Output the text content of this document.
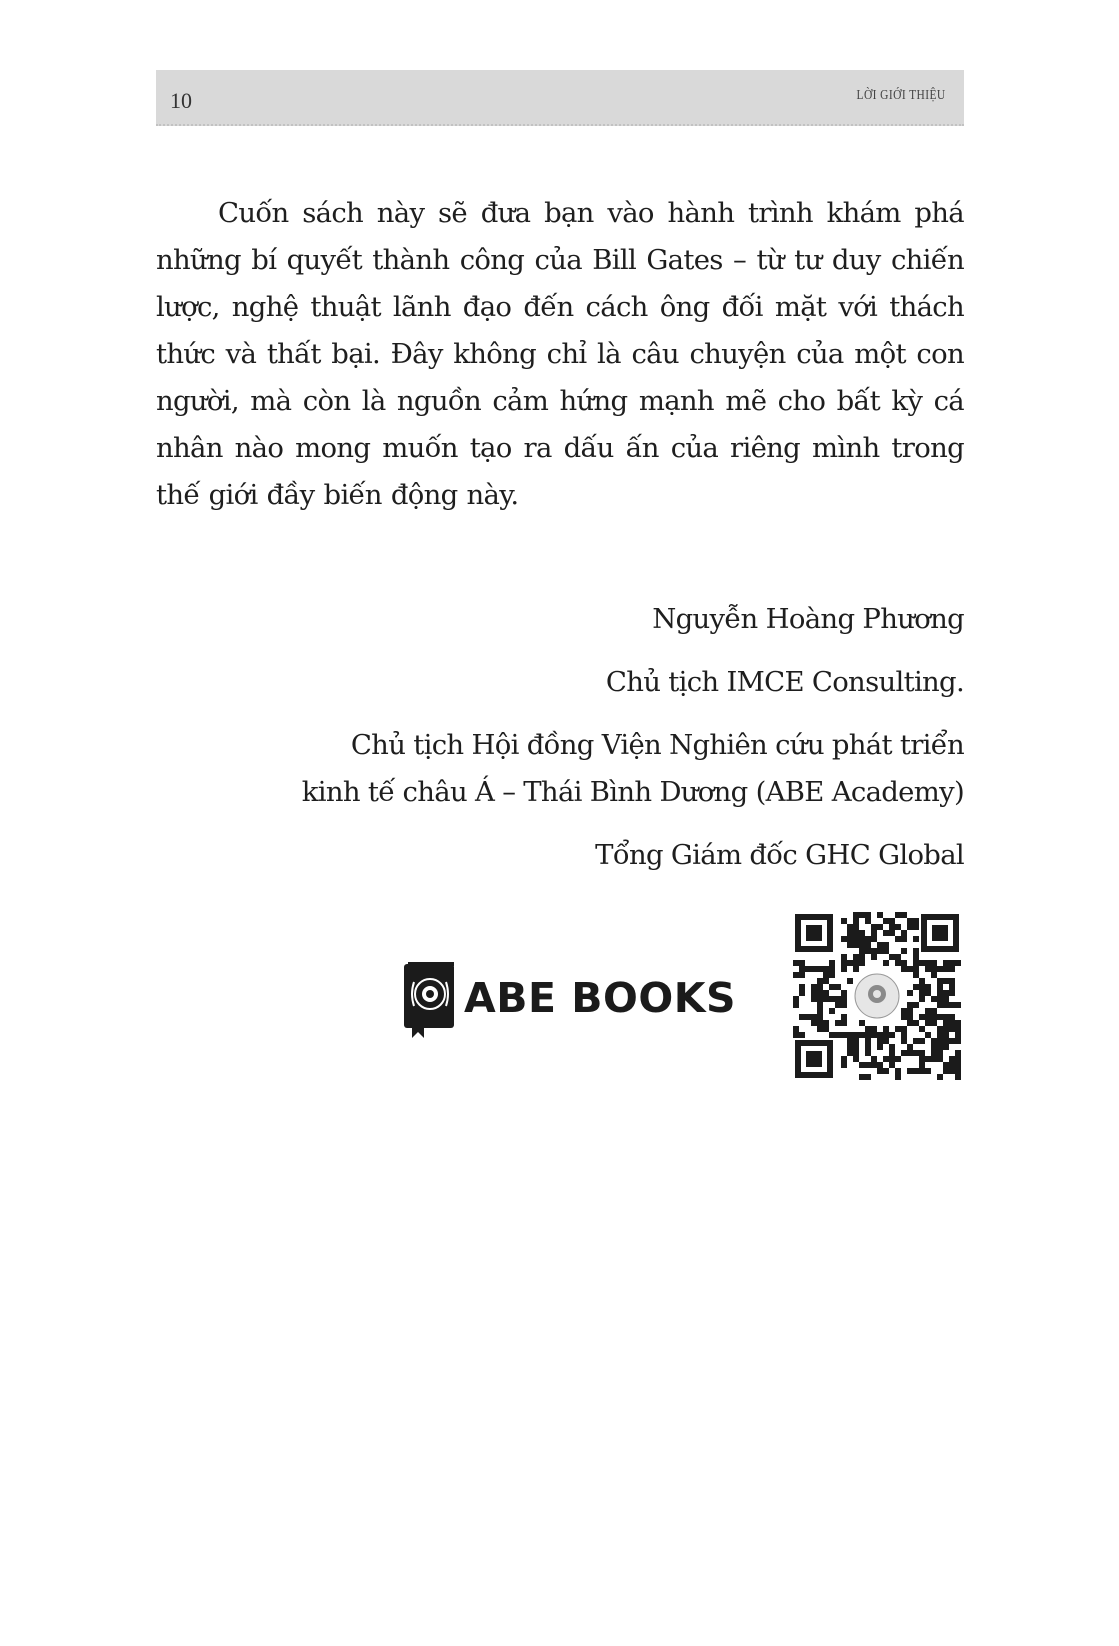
10	LỜI GIỚI THIỆU

Cuốn sách này sẽ đưa bạn vào hành trình khám phá những bí quyết thành công của Bill Gates – từ tư duy chiến lược, nghệ thuật lãnh đạo đến cách ông đối mặt với thách thức và thất bại. Đây không chỉ là câu chuyện của một con người, mà còn là nguồn cảm hứng mạnh mẽ cho bất kỳ cá nhân nào mong muốn tạo ra dấu ấn của riêng mình trong thế giới đầy biến động này.

Nguyễn Hoàng Phương

Chủ tịch IMCE Consulting.

Chủ tịch Hội đồng Viện Nghiên cứu phát triển

kinh tế châu Á – Thái Bình Dương (ABE Academy)

Tổng Giám đốc GHC Global

ABE BOOKS
